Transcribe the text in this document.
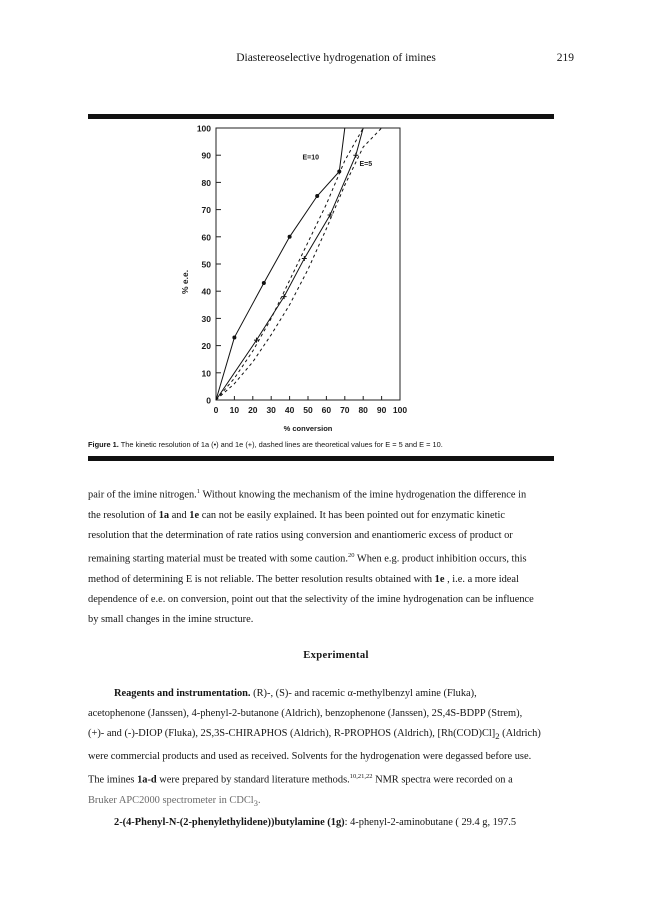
Diastereoselective hydrogenation of imines	219
0
10
20
30
40
50
60
70
80
90
100
0 10 20 30 40 50 60 70 80 90 100
% conversion
% e.e.
E=10
E=5
Figure 1. The kinetic resolution of 1a (•) and 1e (+), dashed lines are theoretical values for E = 5 and E = 10.
pair of the imine nitrogen.$^1$ Without knowing the mechanism of the imine hydrogenation the difference in
the resolution of 1a and 1e can not be easily explained. It has been pointed out for enzymatic kinetic
resolution that the determination of rate ratios using conversion and enantiomeric excess of product or
remaining starting material must be treated with some caution.$^{20}$ When e.g. product inhibition occurs, this
method of determining E is not reliable. The better resolution results obtained with 1e , i.e. a more ideal
dependence of e.e. on conversion, point out that the selectivity of the imine hydrogenation can be influence
by small changes in the imine structure.
Experimental
Reagents and instrumentation. (R)-, (S)- and racemic α-methylbenzyl amine (Fluka),
acetophenone (Janssen), 4-phenyl-2-butanone (Aldrich), benzophenone (Janssen), 2S,4S-BDPP (Strem),
(+)- and (-)-DIOP (Fluka), 2S,3S-CHIRAPHOS (Aldrich), R-PROPHOS (Aldrich), $[Rh(COD)Cl]_2$ (Aldrich)
were commercial products and used as received. Solvents for the hydrogenation were degassed before use.
The imines 1a-d were prepared by standard literature methods.$^{10,21,22}$ NMR spectra were recorded on a
Bruker APC2000 spectrometer in CDCl$_3$.
2-(4-Phenyl-N-(2-phenylethylidene))butylamine (1g): 4-phenyl-2-aminobutane ( 29.4 g, 197.5
